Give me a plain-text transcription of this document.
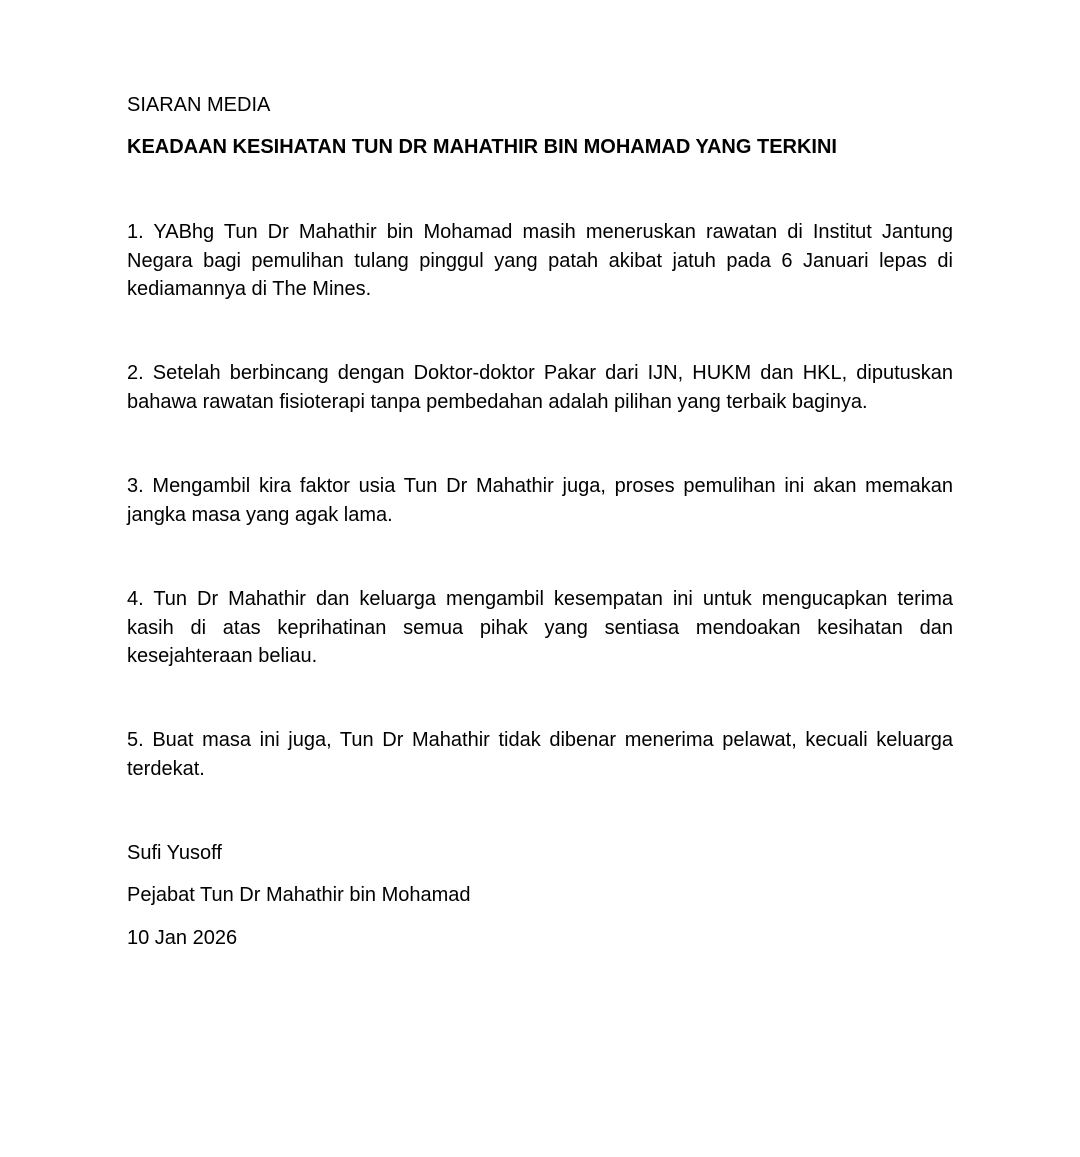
SIARAN MEDIA
KEADAAN KESIHATAN TUN DR MAHATHIR BIN MOHAMAD YANG TERKINI

1. YABhg Tun Dr Mahathir bin Mohamad masih meneruskan rawatan di Institut Jantung Negara bagi pemulihan tulang pinggul yang patah akibat jatuh pada 6 Januari lepas di kediamannya di The Mines.

2. Setelah berbincang dengan Doktor-doktor Pakar dari IJN, HUKM dan HKL, diputuskan bahawa rawatan fisioterapi tanpa pembedahan adalah pilihan yang terbaik baginya.

3. Mengambil kira faktor usia Tun Dr Mahathir juga, proses pemulihan ini akan memakan jangka masa yang agak lama.

4. Tun Dr Mahathir dan keluarga mengambil kesempatan ini untuk mengucapkan terima kasih di atas keprihatinan semua pihak yang sentiasa mendoakan kesihatan dan kesejahteraan beliau.

5. Buat masa ini juga, Tun Dr Mahathir tidak dibenar menerima pelawat, kecuali keluarga terdekat.

Sufi Yusoff
Pejabat Tun Dr Mahathir bin Mohamad
10 Jan 2026
